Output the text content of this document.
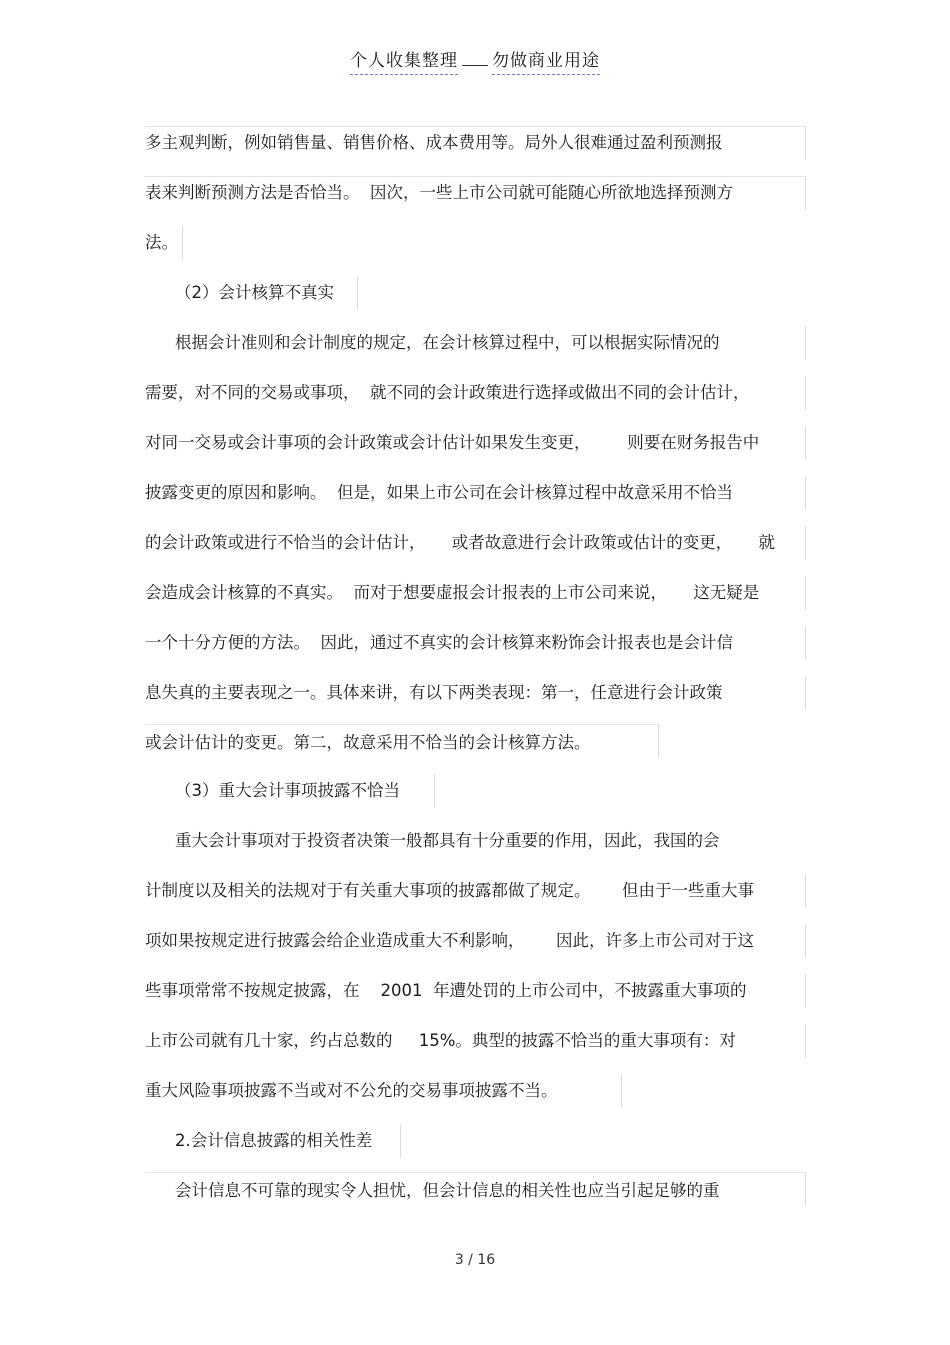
个人收集整理 勿做商业用途
多主观判断，例如销售量、销售价格、成本费用等。局外人很难通过盈利预测报
表来判断预测方法是否恰当。  因次，一些上市公司就可能随心所欲地选择预测方
法。
（2）会计核算不真实
根据会计准则和会计制度的规定，在会计核算过程中，可以根据实际情况的
需要，对不同的交易或事项，  就不同的会计政策进行选择或做出不同的会计估计，
对同一交易或会计事项的会计政策或会计估计如果发生变更，       则要在财务报告中
披露变更的原因和影响。  但是，如果上市公司在会计核算过程中故意采用不恰当
的会计政策或进行不恰当的会计估计，     或者故意进行会计政策或估计的变更，     就
会造成会计核算的不真实。  而对于想要虚报会计报表的上市公司来说，     这无疑是
一个十分方便的方法。  因此，通过不真实的会计核算来粉饰会计报表也是会计信
息失真的主要表现之一。具体来讲，有以下两类表现：第一，任意进行会计政策
或会计估计的变更。第二，故意采用不恰当的会计核算方法。
（3）重大会计事项披露不恰当
重大会计事项对于投资者决策一般都具有十分重要的作用，因此，我国的会
计制度以及相关的法规对于有关重大事项的披露都做了规定。      但由于一些重大事
项如果按规定进行披露会给企业造成重大不利影响，      因此，许多上市公司对于这
些事项常常不按规定披露，在    2001  年遭处罚的上市公司中，不披露重大事项的
上市公司就有几十家，约占总数的     15%。典型的披露不恰当的重大事项有：对
重大风险事项披露不当或对不公允的交易事项披露不当。
2.会计信息披露的相关性差
会计信息不可靠的现实令人担忧，但会计信息的相关性也应当引起足够的重
3 / 16
